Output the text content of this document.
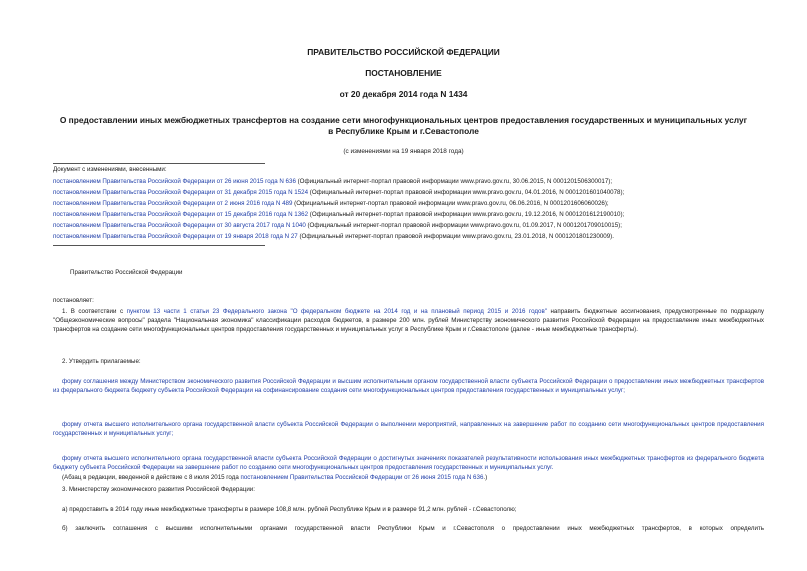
ПРАВИТЕЛЬСТВО РОССИЙСКОЙ ФЕДЕРАЦИИ
ПОСТАНОВЛЕНИЕ
от 20 декабря 2014 года N 1434
О предоставлении иных межбюджетных трансфертов на создание сети многофункциональных центров предоставления государственных и муниципальных услуг
в Республике Крым и г.Севастополе
(с изменениями на 19 января 2018 года)
Документ с изменениями, внесенными:
постановлением Правительства Российской Федерации от 26 июня 2015 года N 636 (Официальный интернет-портал правовой информации www.pravo.gov.ru, 30.06.2015, N 0001201506300017);
постановлением Правительства Российской Федерации от 31 декабря 2015 года N 1524 (Официальный интернет-портал правовой информации www.pravo.gov.ru, 04.01.2016, N 0001201601040078);
постановлением Правительства Российской Федерации от 2 июня 2016 года N 489 (Официальный интернет-портал правовой информации www.pravo.gov.ru, 06.06.2016, N 0001201606060026);
постановлением Правительства Российской Федерации от 15 декабря 2016 года N 1362 (Официальный интернет-портал правовой информации www.pravo.gov.ru, 19.12.2016, N 0001201612190010);
постановлением Правительства Российской Федерации от 30 августа 2017 года N 1040 (Официальный интернет-портал правовой информации www.pravo.gov.ru, 01.09.2017, N 0001201709010015);
постановлением Правительства Российской Федерации от 19 января 2018 года N 27 (Официальный интернет-портал правовой информации www.pravo.gov.ru, 23.01.2018, N 0001201801230009).
Правительство Российской Федерации
постановляет:
1. В соответствии с пунктом 13 части 1 статьи 23 Федерального закона "О федеральном бюджете на 2014 год и на плановый период 2015 и 2016 годов" направить бюджетные ассигнования, предусмотренные по подразделу "Общеэкономические вопросы" раздела "Национальная экономика" классификации расходов бюджетов, в размере 200 млн. рублей Министерству экономического развития Российской Федерации на предоставление иных межбюджетных трансфертов на создание сети многофункциональных центров предоставления государственных и муниципальных услуг в Республике Крым и г.Севастополе (далее - иные межбюджетные трансферты).
2. Утвердить прилагаемые:
форму соглашения между Министерством экономического развития Российской Федерации и высшим исполнительным органом государственной власти субъекта Российской Федерации о предоставлении иных межбюджетных трансфертов из федерального бюджета бюджету субъекта Российской Федерации на софинансирование создания сети многофункциональных центров предоставления государственных и муниципальных услуг;
форму отчета высшего исполнительного органа государственной власти субъекта Российской Федерации о выполнении мероприятий, направленных на завершение работ по созданию сети многофункциональных центров предоставления государственных и муниципальных услуг;
форму отчета высшего исполнительного органа государственной власти субъекта Российской Федерации о достигнутых значениях показателей результативности использования иных межбюджетных трансфертов из федерального бюджета бюджету субъекта Российской Федерации на завершение работ по созданию сети многофункциональных центров предоставления государственных и муниципальных услуг.
(Абзац в редакции, введенной в действие с 8 июля 2015 года постановлением Правительства Российской Федерации от 26 июня 2015 года N 636.)
3. Министерству экономического развития Российской Федерации:
а) предоставить в 2014 году иные межбюджетные трансферты в размере 108,8 млн. рублей Республике Крым и в размере 91,2 млн. рублей - г.Севастополю;
б) заключить соглашения с высшими исполнительными органами государственной власти Республики Крым и г.Севастополя о предоставлении иных межбюджетных трансфертов, в которых определить
